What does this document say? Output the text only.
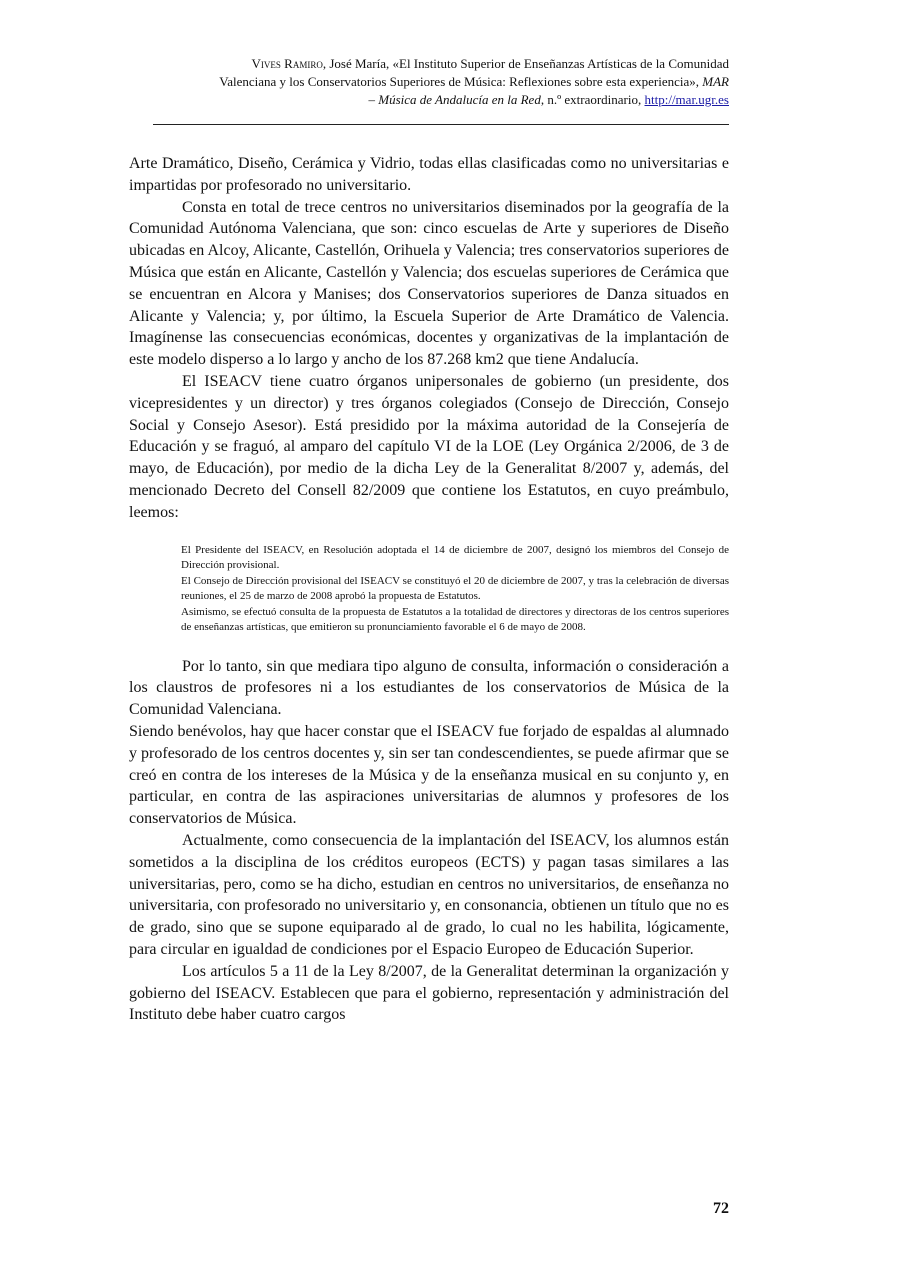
Vives Ramiro, José María, «El Instituto Superior de Enseñanzas Artísticas de la Comunidad
Valenciana y los Conservatorios Superiores de Música: Reflexiones sobre esta experiencia», MAR
– Música de Andalucía en la Red, n.º extraordinario, http://mar.ugr.es

Arte Dramático, Diseño, Cerámica y Vidrio, todas ellas clasificadas como no universitarias e impartidas por profesorado no universitario.

Consta en total de trece centros no universitarios diseminados por la geografía de la Comunidad Autónoma Valenciana, que son: cinco escuelas de Arte y superiores de Diseño ubicadas en Alcoy, Alicante, Castellón, Orihuela y Valencia; tres conservatorios superiores de Música que están en Alicante, Castellón y Valencia; dos escuelas superiores de Cerámica que se encuentran en Alcora y Manises; dos Conservatorios superiores de Danza situados en Alicante y Valencia; y, por último, la Escuela Superior de Arte Dramático de Valencia. Imagínense las consecuencias económicas, docentes y organizativas de la implantación de este modelo disperso a lo largo y ancho de los 87.268 km2 que tiene Andalucía.

El ISEACV tiene cuatro órganos unipersonales de gobierno (un presidente, dos vicepresidentes y un director) y tres órganos colegiados (Consejo de Dirección, Consejo Social y Consejo Asesor). Está presidido por la máxima autoridad de la Consejería de Educación y se fraguó, al amparo del capítulo VI de la LOE (Ley Orgánica 2/2006, de 3 de mayo, de Educación), por medio de la dicha Ley de la Generalitat 8/2007 y, además, del mencionado Decreto del Consell 82/2009 que contiene los Estatutos, en cuyo preámbulo, leemos:

El Presidente del ISEACV, en Resolución adoptada el 14 de diciembre de 2007, designó los miembros del Consejo de Dirección provisional.

El Consejo de Dirección provisional del ISEACV se constituyó el 20 de diciembre de 2007, y tras la celebración de diversas reuniones, el 25 de marzo de 2008 aprobó la propuesta de Estatutos.

Asimismo, se efectuó consulta de la propuesta de Estatutos a la totalidad de directores y directoras de los centros superiores de enseñanzas artísticas, que emitieron su pronunciamiento favorable el 6 de mayo de 2008.

Por lo tanto, sin que mediara tipo alguno de consulta, información o consideración a los claustros de profesores ni a los estudiantes de los conservatorios de Música de la Comunidad Valenciana.

Siendo benévolos, hay que hacer constar que el ISEACV fue forjado de espaldas al alumnado y profesorado de los centros docentes y, sin ser tan condescendientes, se puede afirmar que se creó en contra de los intereses de la Música y de la enseñanza musical en su conjunto y, en particular, en contra de las aspiraciones universitarias de alumnos y profesores de los conservatorios de Música.

Actualmente, como consecuencia de la implantación del ISEACV, los alumnos están sometidos a la disciplina de los créditos europeos (ECTS) y pagan tasas similares a las universitarias, pero, como se ha dicho, estudian en centros no universitarios, de enseñanza no universitaria, con profesorado no universitario y, en consonancia, obtienen un título que no es de grado, sino que se supone equiparado al de grado, lo cual no les habilita, lógicamente, para circular en igualdad de condiciones por el Espacio Europeo de Educación Superior.

Los artículos 5 a 11 de la Ley 8/2007, de la Generalitat determinan la organización y gobierno del ISEACV. Establecen que para el gobierno, representación y administración del Instituto debe haber cuatro cargos

72
